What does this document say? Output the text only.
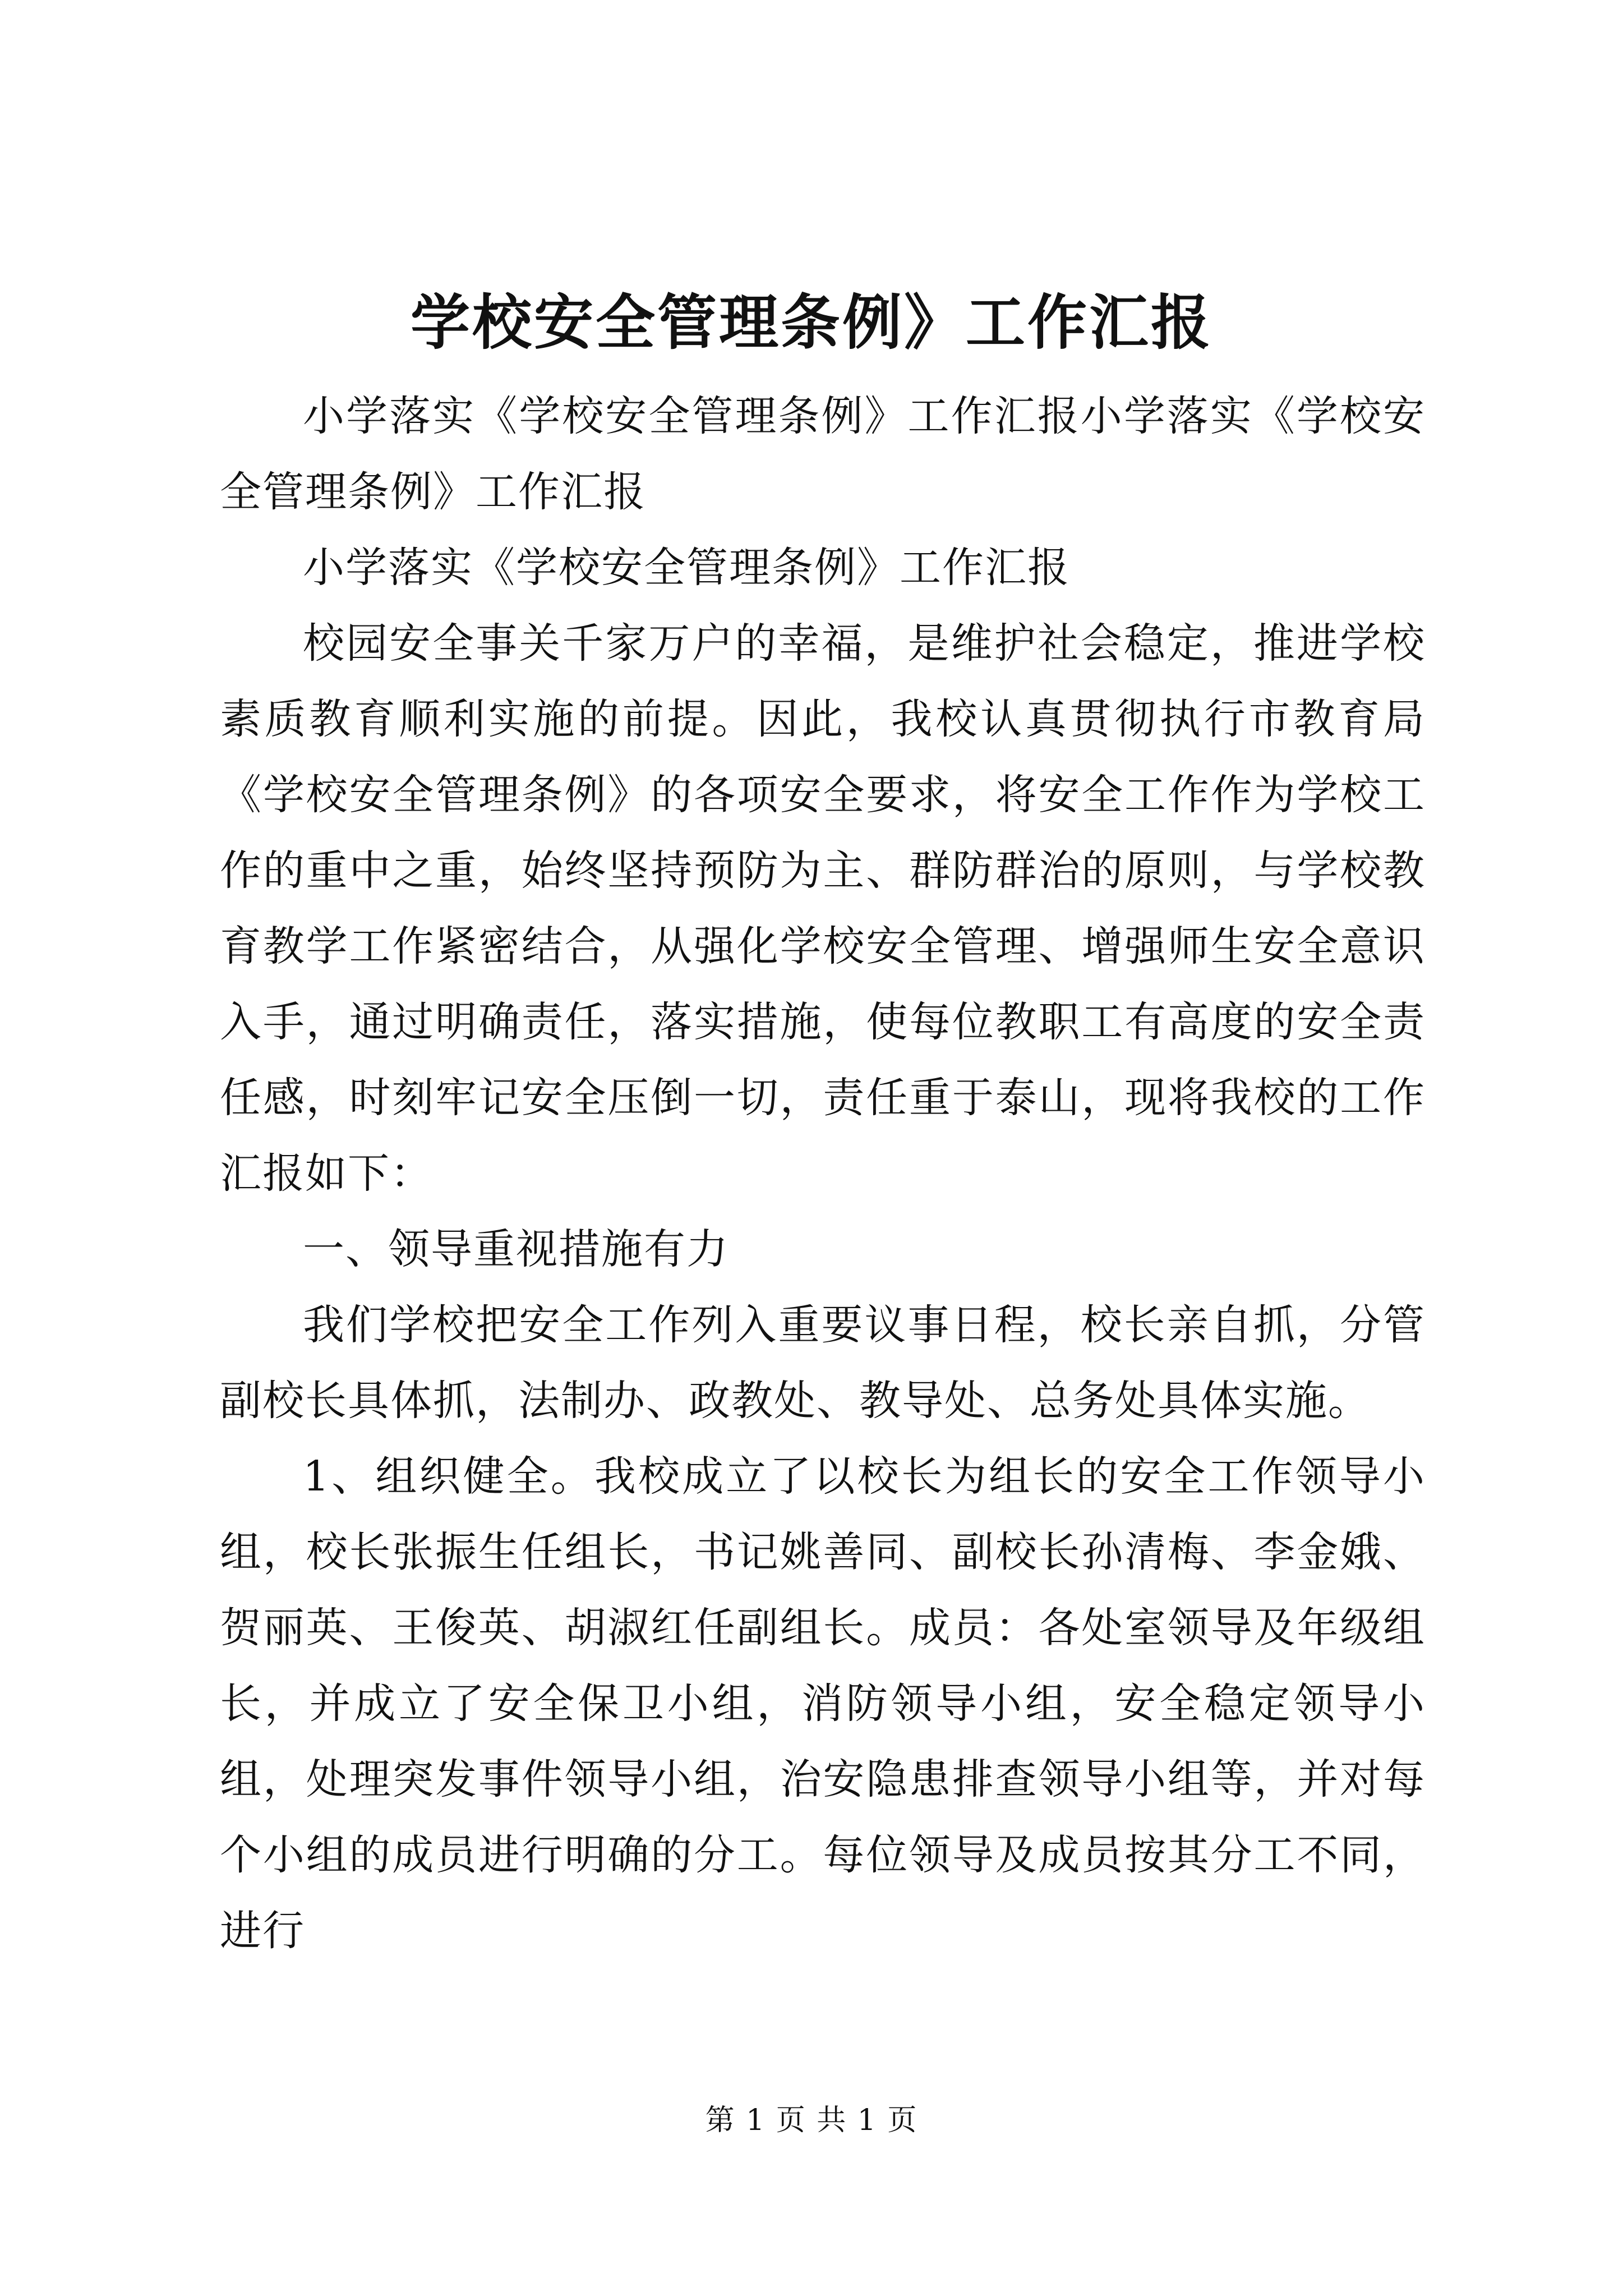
学校安全管理条例》工作汇报

小学落实《学校安全管理条例》工作汇报小学落实《学校安全管理条例》工作汇报

小学落实《学校安全管理条例》工作汇报

校园安全事关千家万户的幸福，是维护社会稳定，推进学校素质教育顺利实施的前提。因此，我校认真贯彻执行市教育局《学校安全管理条例》的各项安全要求，将安全工作作为学校工作的重中之重，始终坚持预防为主、群防群治的原则，与学校教育教学工作紧密结合，从强化学校安全管理、增强师生安全意识入手，通过明确责任，落实措施，使每位教职工有高度的安全责任感，时刻牢记安全压倒一切，责任重于泰山，现将我校的工作汇报如下：

一、领导重视措施有力

我们学校把安全工作列入重要议事日程，校长亲自抓，分管副校长具体抓，法制办、政教处、教导处、总务处具体实施。

1、组织健全。我校成立了以校长为组长的安全工作领导小组，校长张振生任组长，书记姚善同、副校长孙清梅、李金娥、贺丽英、王俊英、胡淑红任副组长。成员：各处室领导及年级组长，并成立了安全保卫小组，消防领导小组，安全稳定领导小组，处理突发事件领导小组，治安隐患排查领导小组等，并对每个小组的成员进行明确的分工。每位领导及成员按其分工不同，进行

第 1 页 共 1 页
